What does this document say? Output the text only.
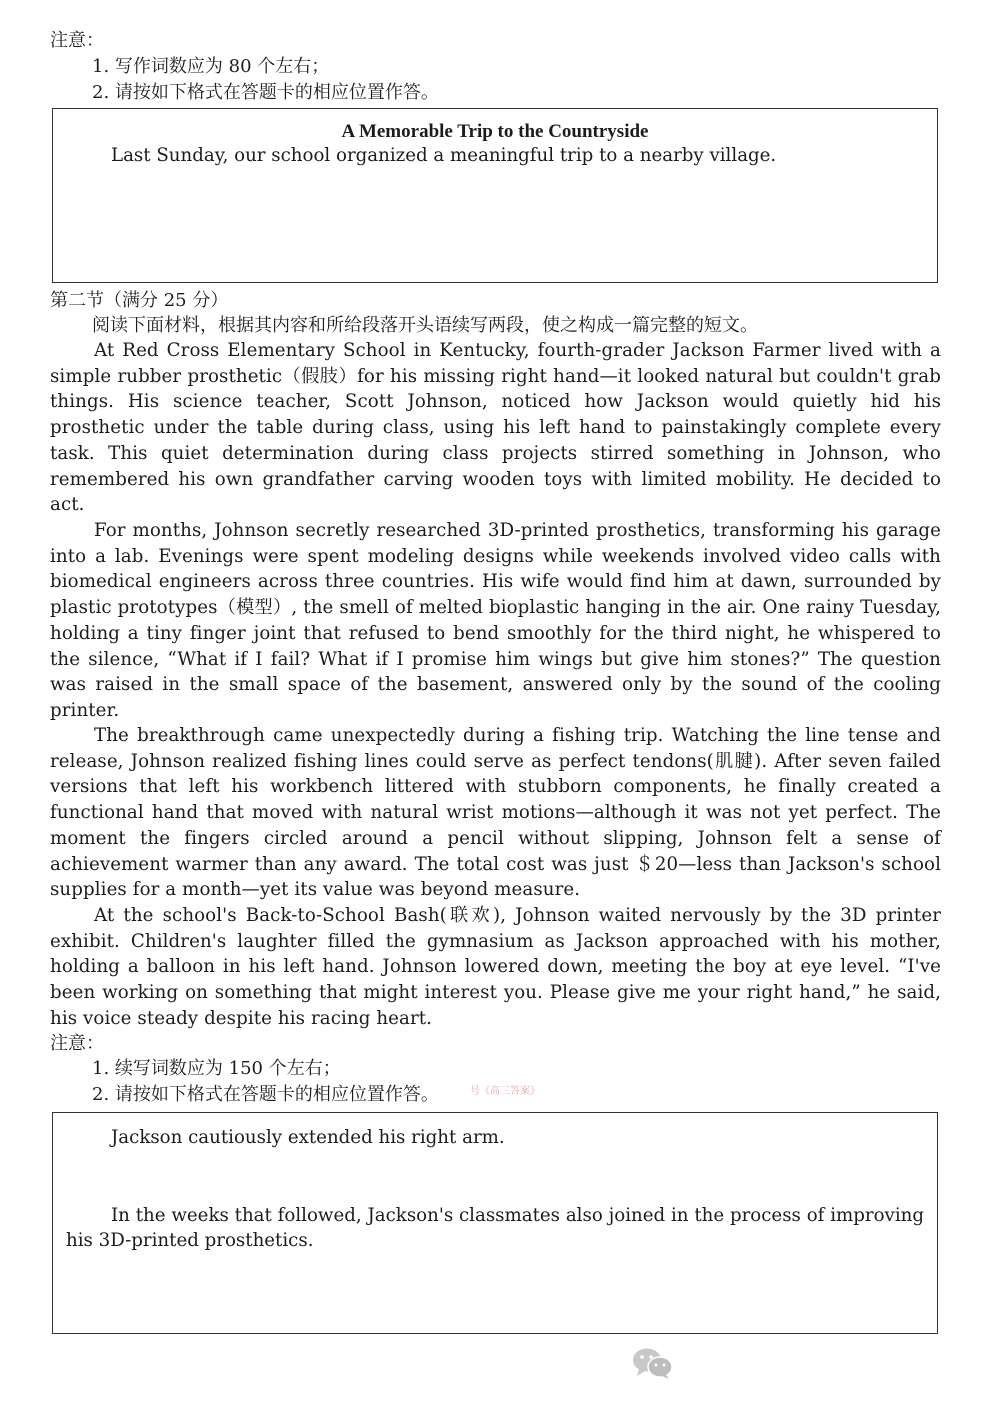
注意：
1. 写作词数应为 80 个左右；
2. 请按如下格式在答题卡的相应位置作答。
A Memorable Trip to the Countryside
Last Sunday, our school organized a meaningful trip to a nearby village.
第二节（满分 25 分）
阅读下面材料，根据其内容和所给段落开头语续写两段，使之构成一篇完整的短文。
At Red Cross Elementary School in Kentucky, fourth-grader Jackson Farmer lived with a simple rubber prosthetic（假肢）for his missing right hand—it looked natural but couldn't grab things. His science teacher, Scott Johnson, noticed how Jackson would quietly hid his prosthetic under the table during class, using his left hand to painstakingly complete every task. This quiet determination during class projects stirred something in Johnson, who remembered his own grandfather carving wooden toys with limited mobility. He decided to act.
For months, Johnson secretly researched 3D-printed prosthetics, transforming his garage into a lab. Evenings were spent modeling designs while weekends involved video calls with biomedical engineers across three countries. His wife would find him at dawn, surrounded by plastic prototypes（模型）, the smell of melted bioplastic hanging in the air. One rainy Tuesday, holding a tiny finger joint that refused to bend smoothly for the third night, he whispered to the silence, “What if I fail? What if I promise him wings but give him stones?” The question was raised in the small space of the basement, answered only by the sound of the cooling printer.
The breakthrough came unexpectedly during a fishing trip. Watching the line tense and release, Johnson realized fishing lines could serve as perfect tendons(肌腱). After seven failed versions that left his workbench littered with stubborn components, he finally created a functional hand that moved with natural wrist motions—although it was not yet perfect. The moment the fingers circled around a pencil without slipping, Johnson felt a sense of achievement warmer than any award. The total cost was just ＄20—less than Jackson's school supplies for a month—yet its value was beyond measure.
At the school's Back-to-School Bash(联欢), Johnson waited nervously by the 3D printer exhibit. Children's laughter filled the gymnasium as Jackson approached with his mother, holding a balloon in his left hand. Johnson lowered down, meeting the boy at eye level. “I've been working on something that might interest you. Please give me your right hand,” he said, his voice steady despite his racing heart.
注意：
1. 续写词数应为 150 个左右；
2. 请按如下格式在答题卡的相应位置作答。	号《高三答案》
Jackson cautiously extended his right arm.
In the weeks that followed, Jackson's classmates also joined in the process of improving his 3D-printed prosthetics.
